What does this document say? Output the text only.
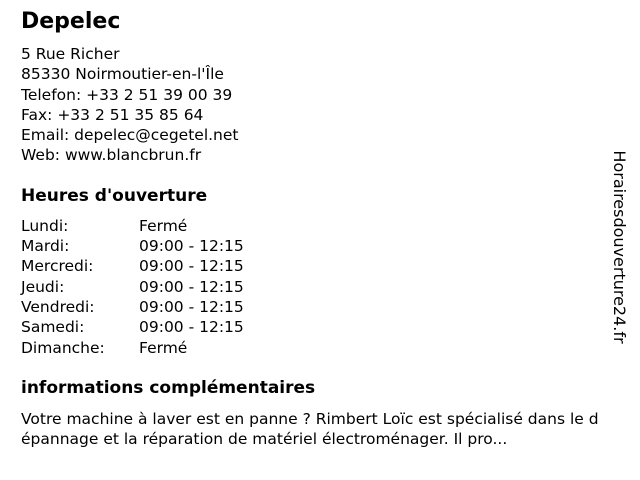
Depelec
5 Rue Richer
85330 Noirmoutier-en-l'Île
Telefon: +33 2 51 39 00 39
Fax: +33 2 51 35 85 64
Email: depelec@cegetel.net
Web: www.blancbrun.fr
Heures d'ouverture
Lundi:	Fermé
Mardi:	09:00 - 12:15
Mercredi:	09:00 - 12:15
Jeudi:	09:00 - 12:15
Vendredi:	09:00 - 12:15
Samedi:	09:00 - 12:15
Dimanche:	Fermé
informations complémentaires
Votre machine à laver est en panne ? Rimbert Loïc est spécialisé dans le dépannage et la réparation de matériel électroménager. Il pro...
Horairesdouverture24.fr
